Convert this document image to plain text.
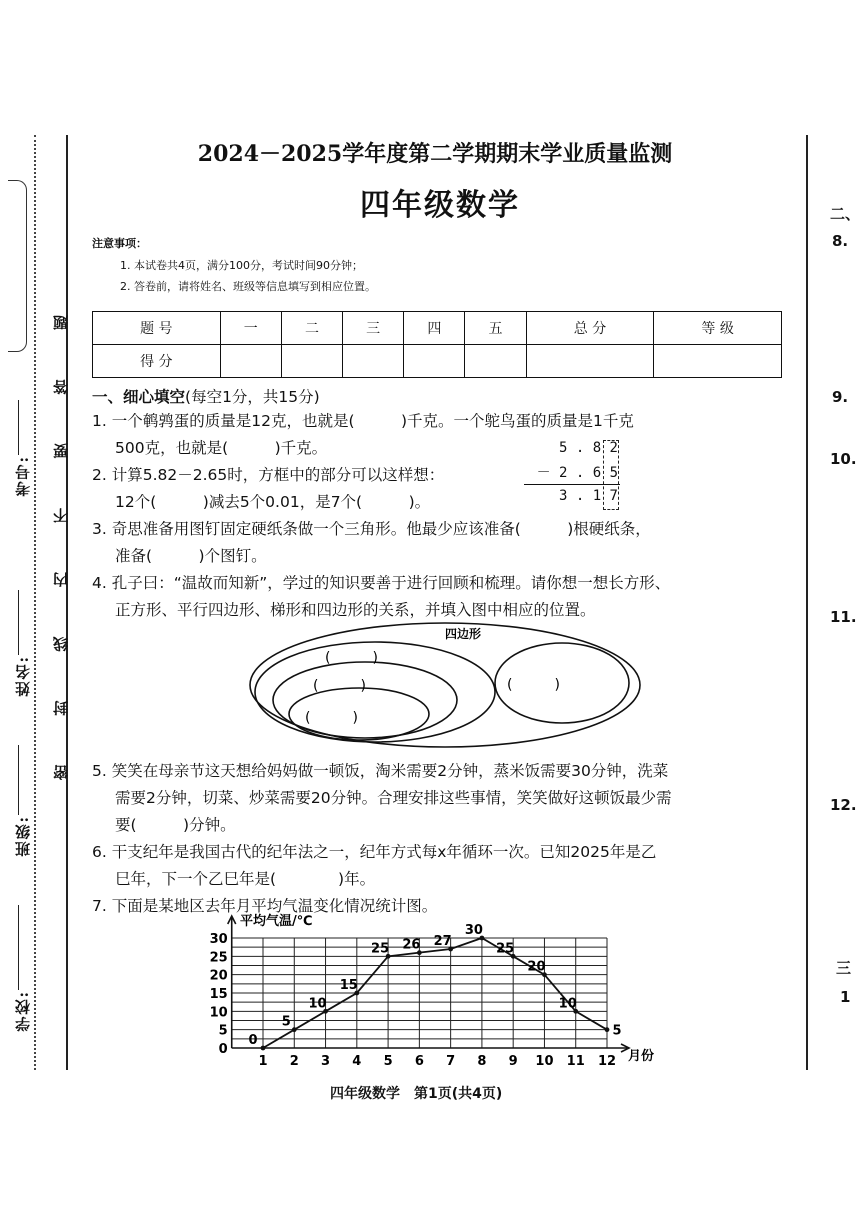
密 封 线 内 不 要 答 题
考号:
姓名:
班级:
学校:
二、
8.
9.
10.
11.
12.
三
1
2024－2025学年度第二学期期末学业质量监测
四年级数学
注意事项：
1. 本试卷共4页，满分100分，考试时间90分钟；
2. 答卷前，请将姓名、班级等信息填写到相应位置。
题 号	一	二	三	四	五	总 分	等 级
得 分							
一、细心填空(每空1分，共15分)
1. 一个鹌鹑蛋的质量是12克，也就是(　　　)千克。一个鸵鸟蛋的质量是1千克
500克，也就是(　　　)千克。
2. 计算5.82－2.65时，方框中的部分可以这样想：
12个(　　　)减去5个0.01，是7个(　　　)。
5 . 8 2
－ 2 . 6 5
3 . 1 7
3. 奇思准备用图钉固定硬纸条做一个三角形。他最少应该准备(　　　)根硬纸条，
准备(　　　)个图钉。
4. 孔子曰：“温故而知新”，学过的知识要善于进行回顾和梳理。请你想一想长方形、
正方形、平行四边形、梯形和四边形的关系，并填入图中相应的位置。
四边形
(　　　)
(　　　)
(　　　)
(　　　)
5. 笑笑在母亲节这天想给妈妈做一顿饭，淘米需要2分钟，蒸米饭需要30分钟，洗菜
需要2分钟，切菜、炒菜需要20分钟。合理安排这些事情，笑笑做好这顿饭最少需
要(　　　)分钟。
6. 干支纪年是我国古代的纪年法之一，纪年方式每x年循环一次。已知2025年是乙
巳年，下一个乙巳年是(　　　　)年。
7. 下面是某地区去年月平均气温变化情况统计图。
0
5
10
15
20
25
30
1 2 3 4 5 6 7 8 9 10 11 12
0
5
10
15
25 26 27
30
25
20
10
5
平均气温/℃
月份
四年级数学　第1页(共4页)
